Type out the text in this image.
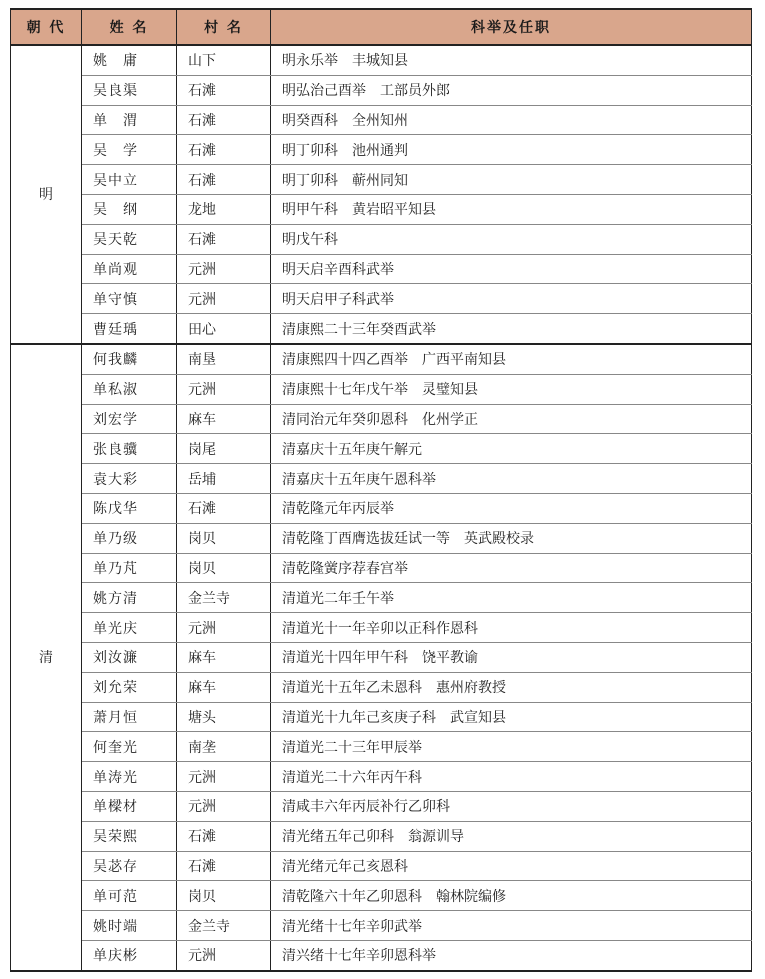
朝 代	姓 名	村 名	科举及任职
明	姚　庸	山下	明永乐举　丰城知县
	吴良渠	石滩	明弘治己酉举　工部员外郎
	单　渭	石滩	明癸酉科　全州知州
	吴　学	石滩	明丁卯科　池州通判
	吴中立	石滩	明丁卯科　蕲州同知
	吴　纲	龙地	明甲午科　黄岩昭平知县
	吴天乾	石滩	明戊午科
	单尚观	元洲	明天启辛酉科武举
	单守慎	元洲	明天启甲子科武举
	曹廷瑀	田心	清康熙二十三年癸酉武举
清	何我麟	南垦	清康熙四十四乙酉举　广西平南知县
	单私淑	元洲	清康熙十七年戊午举　灵璧知县
	刘宏学	麻车	清同治元年癸卯恩科　化州学正
	张良骥	岗尾	清嘉庆十五年庚午解元
	袁大彩	岳埔	清嘉庆十五年庚午恩科举
	陈戊华	石滩	清乾隆元年丙辰举
	单乃级	岗贝	清乾隆丁酉膺选拔廷试一等　英武殿校录
	单乃芃	岗贝	清乾隆黉序荐春宫举
	姚方清	金兰寺	清道光二年壬午举
	单光庆	元洲	清道光十一年辛卯以正科作恩科
	刘汝濂	麻车	清道光十四年甲午科　饶平教谕
	刘允荣	麻车	清道光十五年乙未恩科　惠州府教授
	萧月恒	塘头	清道光十九年己亥庚子科　武宣知县
	何奎光	南垄	清道光二十三年甲辰举
	单涛光	元洲	清道光二十六年丙午科
	单樑材	元洲	清咸丰六年丙辰补行乙卯科
	吴荣熙	石滩	清光绪五年己卯科　翁源训导
	吴苾存	石滩	清光绪元年己亥恩科
	单可范	岗贝	清乾隆六十年乙卯恩科　翰林院编修
	姚时端	金兰寺	清光绪十七年辛卯武举
	单庆彬	元洲	清兴绪十七年辛卯恩科举
